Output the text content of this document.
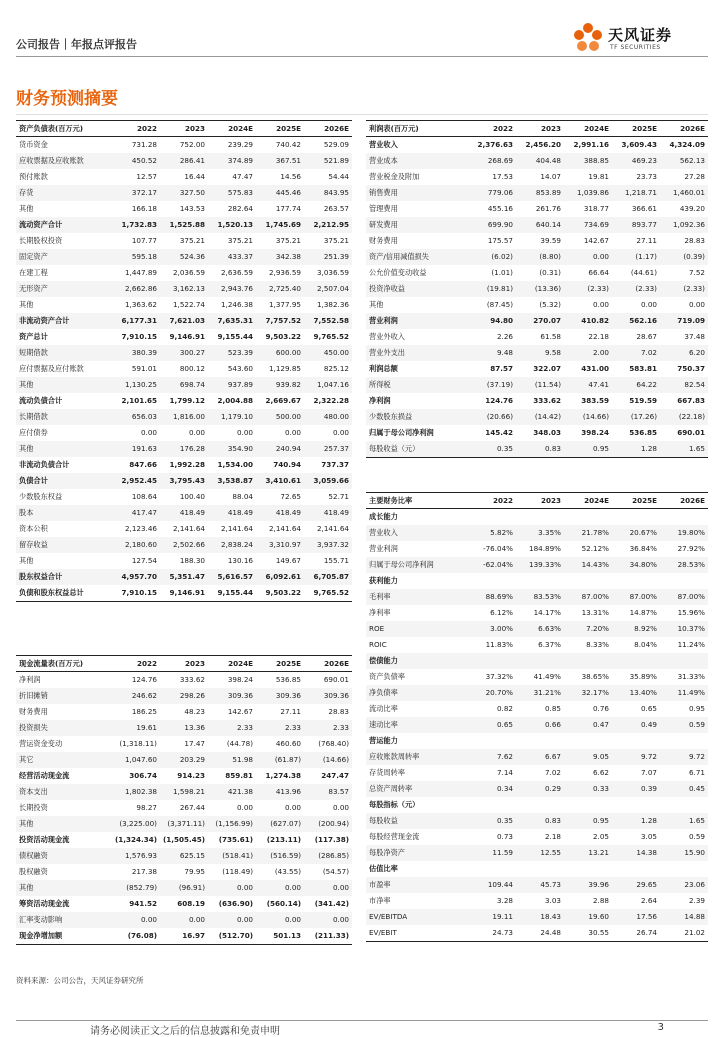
公司报告｜年报点评报告
天风证券
TF SECURITIES
财务预测摘要
资产负债表(百万元)	2022	2023	2024E	2025E	2026E
货币资金	731.28	752.00	239.29	740.42	529.09
应收票据及应收账款	450.52	286.41	374.89	367.51	521.89
预付账款	12.57	16.44	47.47	14.56	54.44
存货	372.17	327.50	575.83	445.46	843.95
其他	166.18	143.53	282.64	177.74	263.57
流动资产合计	1,732.83	1,525.88	1,520.13	1,745.69	2,212.95
长期股权投资	107.77	375.21	375.21	375.21	375.21
固定资产	595.18	524.36	433.37	342.38	251.39
在建工程	1,447.89	2,036.59	2,636.59	2,936.59	3,036.59
无形资产	2,662.86	3,162.13	2,943.76	2,725.40	2,507.04
其他	1,363.62	1,522.74	1,246.38	1,377.95	1,382.36
非流动资产合计	6,177.31	7,621.03	7,635.31	7,757.52	7,552.58
资产总计	7,910.15	9,146.91	9,155.44	9,503.22	9,765.52
短期借款	380.39	300.27	523.39	600.00	450.00
应付票据及应付账款	591.01	800.12	543.60	1,129.85	825.12
其他	1,130.25	698.74	937.89	939.82	1,047.16
流动负债合计	2,101.65	1,799.12	2,004.88	2,669.67	2,322.28
长期借款	656.03	1,816.00	1,179.10	500.00	480.00
应付债券	0.00	0.00	0.00	0.00	0.00
其他	191.63	176.28	354.90	240.94	257.37
非流动负债合计	847.66	1,992.28	1,534.00	740.94	737.37
负债合计	2,952.45	3,795.43	3,538.87	3,410.61	3,059.66
少数股东权益	108.64	100.40	88.04	72.65	52.71
股本	417.47	418.49	418.49	418.49	418.49
资本公积	2,123.46	2,141.64	2,141.64	2,141.64	2,141.64
留存收益	2,180.60	2,502.66	2,838.24	3,310.97	3,937.32
其他	127.54	188.30	130.16	149.67	155.71
股东权益合计	4,957.70	5,351.47	5,616.57	6,092.61	6,705.87
负债和股东权益总计	7,910.15	9,146.91	9,155.44	9,503.22	9,765.52
利润表(百万元)	2022	2023	2024E	2025E	2026E
营业收入	2,376.63	2,456.20	2,991.16	3,609.43	4,324.09
营业成本	268.69	404.48	388.85	469.23	562.13
营业税金及附加	17.53	14.07	19.81	23.73	27.28
销售费用	779.06	853.89	1,039.86	1,218.71	1,460.01
管理费用	455.16	261.76	318.77	366.61	439.20
研发费用	699.90	640.14	734.69	893.77	1,092.36
财务费用	175.57	39.59	142.67	27.11	28.83
资产/信用减值损失	(6.02)	(8.80)	0.00	(1.17)	(0.39)
公允价值变动收益	(1.01)	(0.31)	66.64	(44.61)	7.52
投资净收益	(19.81)	(13.36)	(2.33)	(2.33)	(2.33)
其他	(87.45)	(5.32)	0.00	0.00	0.00
营业利润	94.80	270.07	410.82	562.16	719.09
营业外收入	2.26	61.58	22.18	28.67	37.48
营业外支出	9.48	9.58	2.00	7.02	6.20
利润总额	87.57	322.07	431.00	583.81	750.37
所得税	(37.19)	(11.54)	47.41	64.22	82.54
净利润	124.76	333.62	383.59	519.59	667.83
少数股东损益	(20.66)	(14.42)	(14.66)	(17.26)	(22.18)
归属于母公司净利润	145.42	348.03	398.24	536.85	690.01
每股收益（元）	0.35	0.83	0.95	1.28	1.65
主要财务比率	2022	2023	2024E	2025E	2026E
成长能力					
营业收入	5.82%	3.35%	21.78%	20.67%	19.80%
营业利润	-76.04%	184.89%	52.12%	36.84%	27.92%
归属于母公司净利润	-62.04%	139.33%	14.43%	34.80%	28.53%
获利能力					
毛利率	88.69%	83.53%	87.00%	87.00%	87.00%
净利率	6.12%	14.17%	13.31%	14.87%	15.96%
ROE	3.00%	6.63%	7.20%	8.92%	10.37%
ROIC	11.83%	6.37%	8.33%	8.04%	11.24%
偿债能力					
资产负债率	37.32%	41.49%	38.65%	35.89%	31.33%
净负债率	20.70%	31.21%	32.17%	13.40%	11.49%
流动比率	0.82	0.85	0.76	0.65	0.95
速动比率	0.65	0.66	0.47	0.49	0.59
营运能力					
应收账款周转率	7.62	6.67	9.05	9.72	9.72
存货周转率	7.14	7.02	6.62	7.07	6.71
总资产周转率	0.34	0.29	0.33	0.39	0.45
每股指标（元）					
每股收益	0.35	0.83	0.95	1.28	1.65
每股经营现金流	0.73	2.18	2.05	3.05	0.59
每股净资产	11.59	12.55	13.21	14.38	15.90
估值比率					
市盈率	109.44	45.73	39.96	29.65	23.06
市净率	3.28	3.03	2.88	2.64	2.39
EV/EBITDA	19.11	18.43	19.60	17.56	14.88
EV/EBIT	24.73	24.48	30.55	26.74	21.02
现金流量表(百万元)	2022	2023	2024E	2025E	2026E
净利润	124.76	333.62	398.24	536.85	690.01
折旧摊销	246.62	298.26	309.36	309.36	309.36
财务费用	186.25	48.23	142.67	27.11	28.83
投资损失	19.61	13.36	2.33	2.33	2.33
营运资金变动	(1,318.11)	17.47	(44.78)	460.60	(768.40)
其它	1,047.60	203.29	51.98	(61.87)	(14.66)
经营活动现金流	306.74	914.23	859.81	1,274.38	247.47
资本支出	1,802.38	1,598.21	421.38	413.96	83.57
长期投资	98.27	267.44	0.00	0.00	0.00
其他	(3,225.00)	(3,371.11)	(1,156.99)	(627.07)	(200.94)
投资活动现金流	(1,324.34)	(1,505.45)	(735.61)	(213.11)	(117.38)
债权融资	1,576.93	625.15	(518.41)	(516.59)	(286.85)
股权融资	217.38	79.95	(118.49)	(43.55)	(54.57)
其他	(852.79)	(96.91)	0.00	0.00	0.00
筹资活动现金流	941.52	608.19	(636.90)	(560.14)	(341.42)
汇率变动影响	0.00	0.00	0.00	0.00	0.00
现金净增加额	(76.08)	16.97	(512.70)	501.13	(211.33)
资料来源：公司公告，天风证券研究所
请务必阅读正文之后的信息披露和免责申明	3
